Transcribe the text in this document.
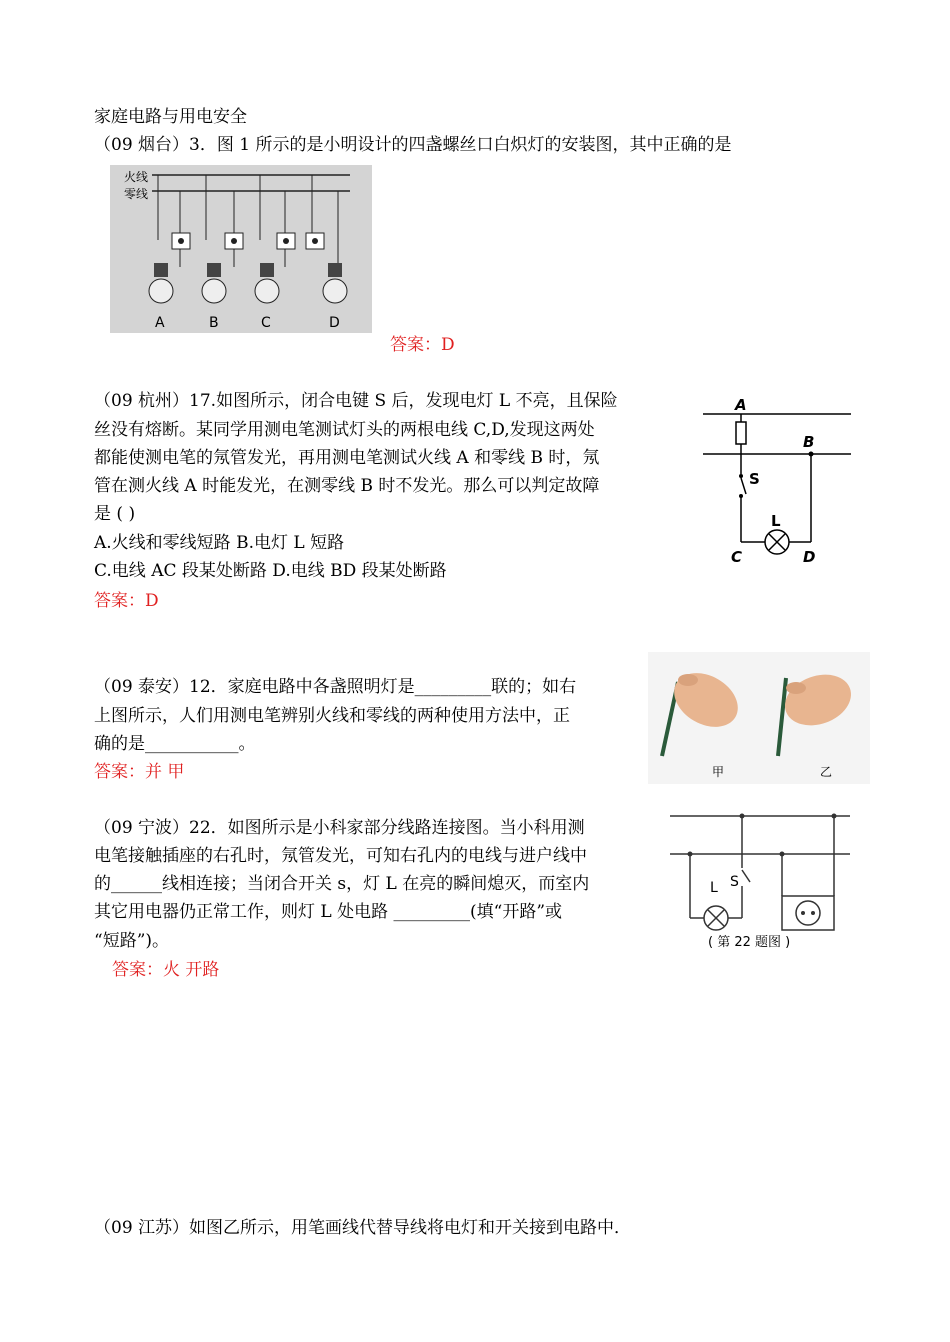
家庭电路与用电安全
（09 烟台）3．图 1 所示的是小明设计的四盏螺丝口白炽灯的安装图，其中正确的是
火线
零线
A	B	C	D
答案：D
（09 杭州）17.如图所示，闭合电键 S 后，发现电灯 L 不亮，且保险
丝没有熔断。某同学用测电笔测试灯头的两根电线 C,D,发现这两处
都能使测电笔的氖管发光，再用测电笔测试火线 A 和零线 B 时，氖
管在测火线 A 时能发光，在测零线 B 时不发光。那么可以判定故障
是 ( )
A.火线和零线短路 B.电灯 L 短路
C.电线 AC 段某处断路 D.电线 BD 段某处断路
答案：D
A
B
S
L
C	D
（09 泰安）12．家庭电路中各盏照明灯是_________联的；如右
上图所示，人们用测电笔辨别火线和零线的两种使用方法中，正
确的是___________。
答案：并 甲	甲	乙
（09 宁波）22．如图所示是小科家部分线路连接图。当小科用测
电笔接触插座的右孔时，氖管发光，可知右孔内的电线与进户线中
的______线相连接；当闭合开关 s，灯 L 在亮的瞬间熄灭，而室内
其它用电器仍正常工作，则灯 L 处电路 _________(填“开路”或
“短路”)。
答案：火 开路
L S
( 第 22 题图 )
（09 江苏）如图乙所示，用笔画线代替导线将电灯和开关接到电路中．
